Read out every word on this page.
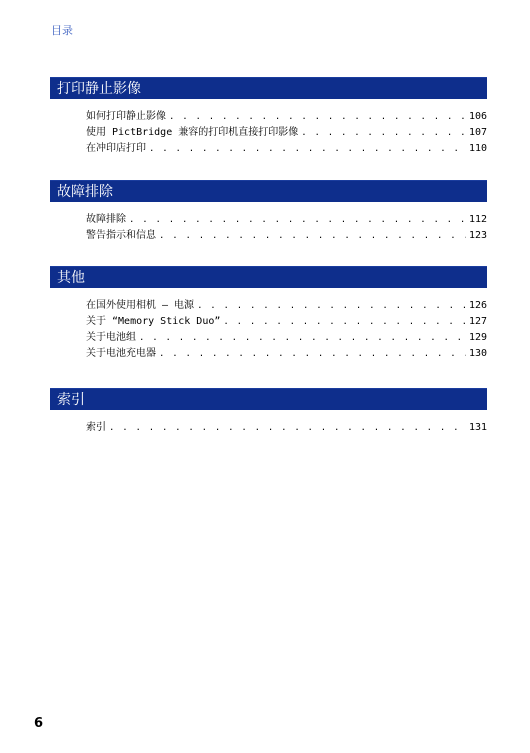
目录
打印静止影像
如何打印静止影像 . . .	106
使用 PictBridge 兼容的打印机直接打印影像 . . .	107
在冲印店打印 . . .	110
故障排除
故障排除 . . .	112
警告指示和信息 . . .	123
其他
在国外使用相机 — 电源 . . .	126
关于 “Memory Stick Duo” . . .	127
关于电池组 . . .	129
关于电池充电器 . . .	130
索引
索引 . . .	131
6
